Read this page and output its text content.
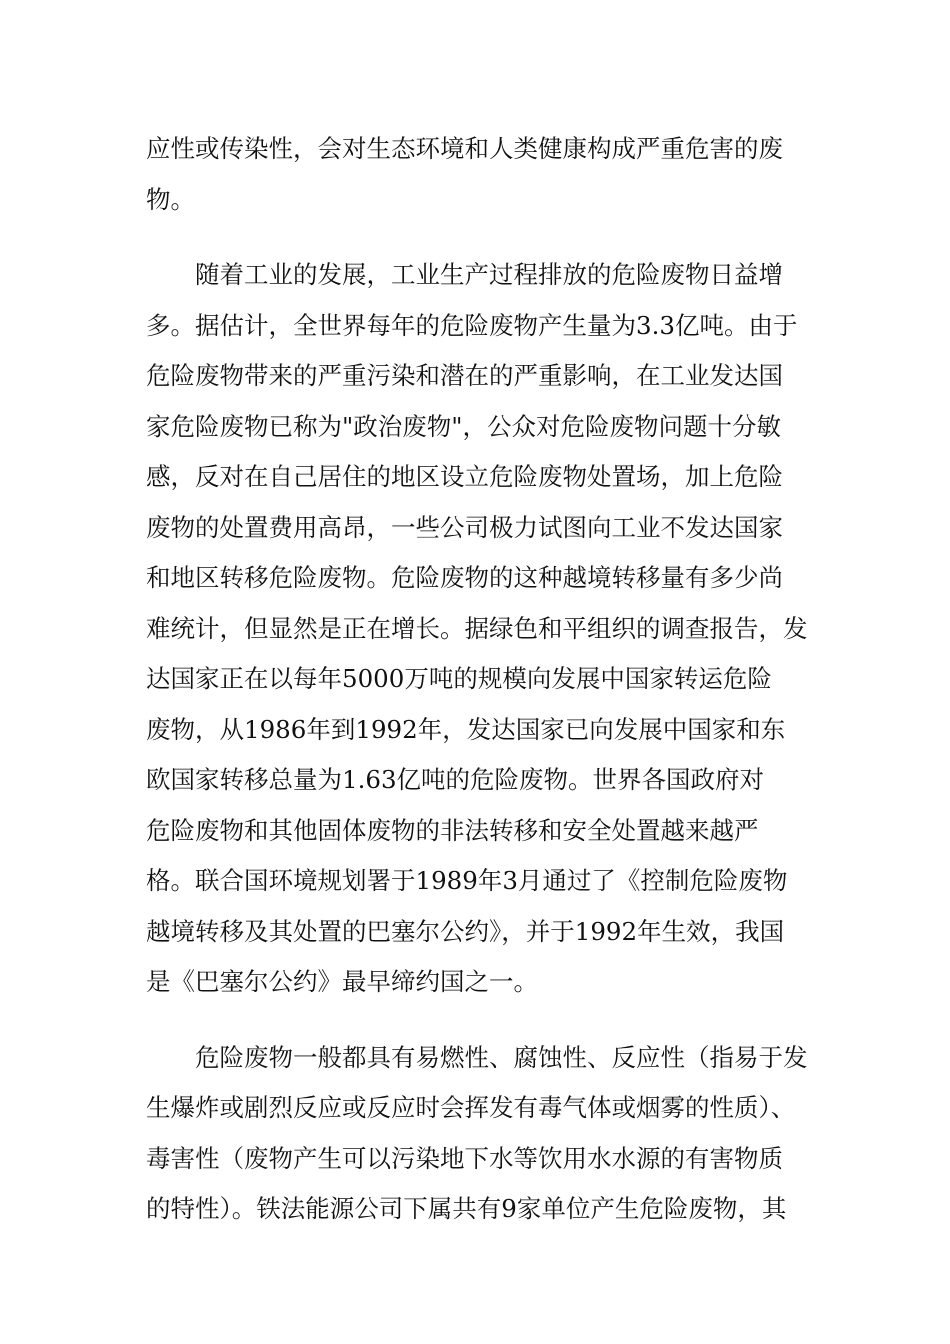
应性或传染性，会对生态环境和人类健康构成严重危害的废
物。
随着工业的发展，工业生产过程排放的危险废物日益增
多。据估计，全世界每年的危险废物产生量为3.3亿吨。由于
危险废物带来的严重污染和潜在的严重影响，在工业发达国
家危险废物已称为"政治废物"，公众对危险废物问题十分敏
感，反对在自己居住的地区设立危险废物处置场，加上危险
废物的处置费用高昂，一些公司极力试图向工业不发达国家
和地区转移危险废物。危险废物的这种越境转移量有多少尚
难统计，但显然是正在增长。据绿色和平组织的调查报告，发
达国家正在以每年5000万吨的规模向发展中国家转运危险
废物，从1986年到1992年，发达国家已向发展中国家和东
欧国家转移总量为1.63亿吨的危险废物。世界各国政府对
危险废物和其他固体废物的非法转移和安全处置越来越严
格。联合国环境规划署于1989年3月通过了《控制危险废物
越境转移及其处置的巴塞尔公约》，并于1992年生效，我国
是《巴塞尔公约》最早缔约国之一。
危险废物一般都具有易燃性、腐蚀性、反应性（指易于发
生爆炸或剧烈反应或反应时会挥发有毒气体或烟雾的性质）、
毒害性（废物产生可以污染地下水等饮用水水源的有害物质
的特性）。铁法能源公司下属共有9家单位产生危险废物，其
